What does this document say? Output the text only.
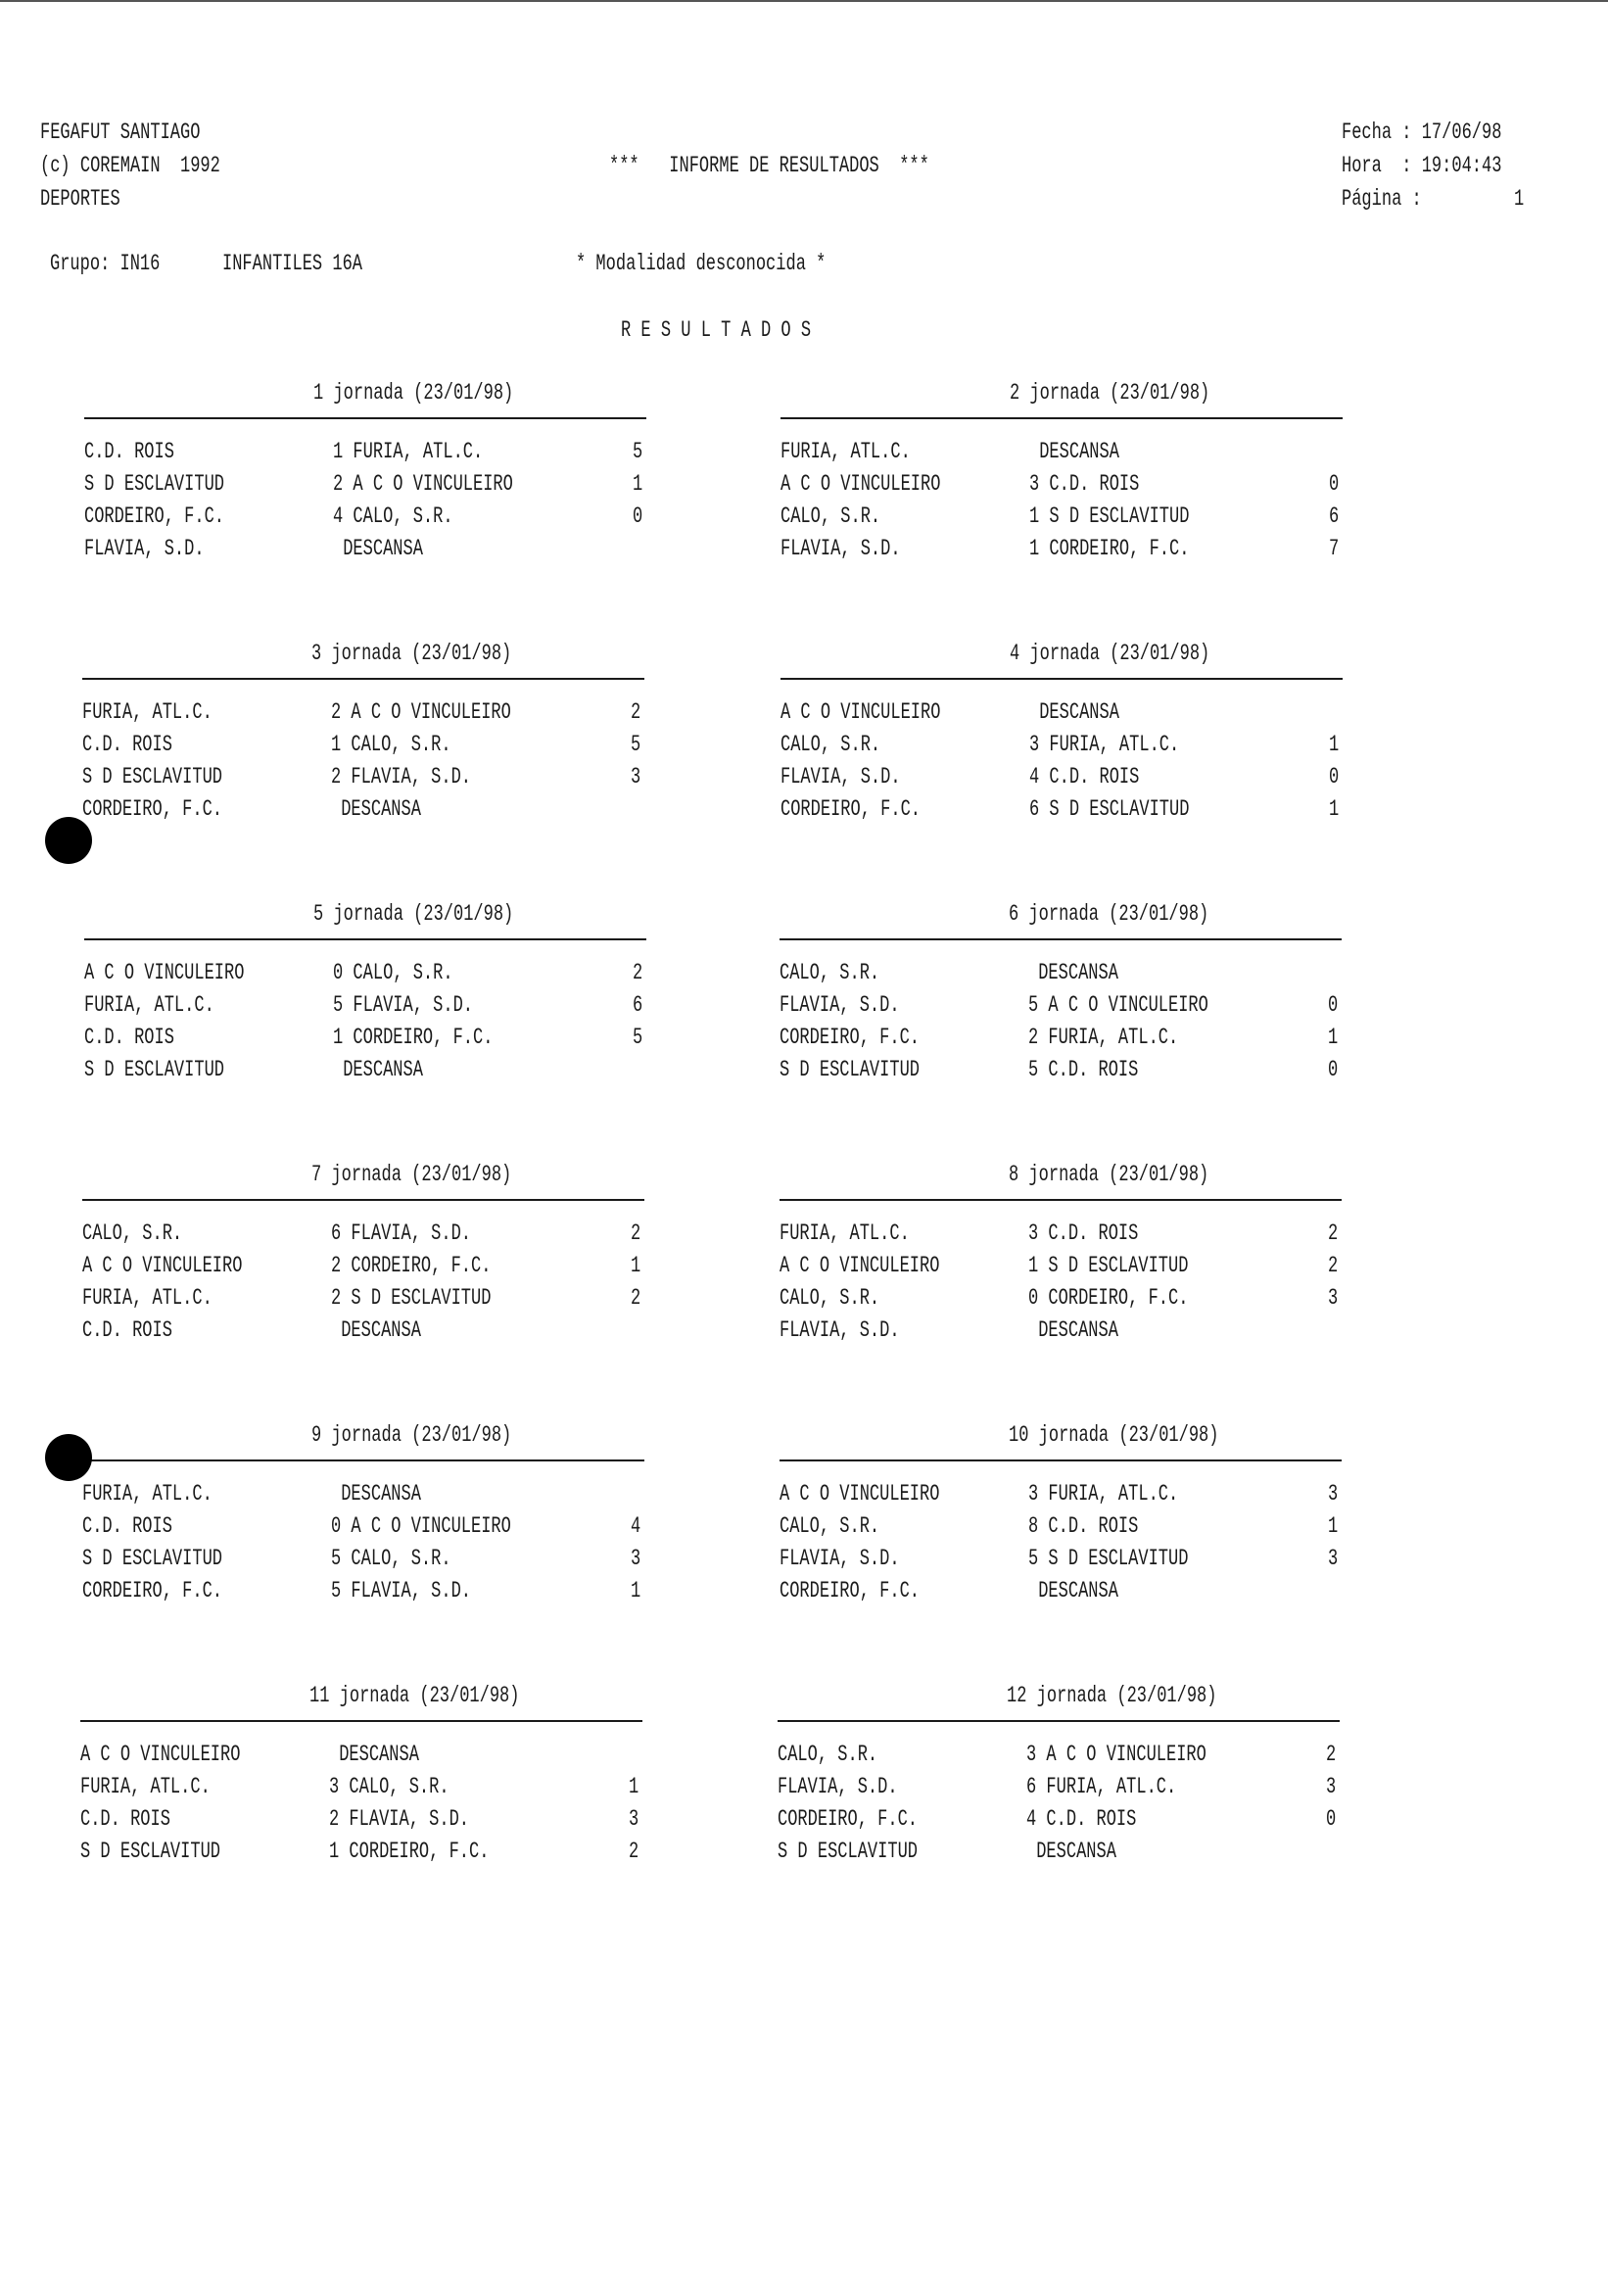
FEGAFUT SANTIAGO
(c) COREMAIN  1992
DEPORTES
***   INFORME DE RESULTADOS  ***
Fecha : 17/06/98
Hora  : 19:04:43
Página :	1
Grupo: IN16	INFANTILES 16A	* Modalidad desconocida *
R E S U L T A D O S
1 jornada (23/01/98)
C.D. ROIS	1 FURIA, ATL.C.	5
S D ESCLAVITUD	2 A C O VINCULEIRO	1
CORDEIRO, F.C.	4 CALO, S.R.	0
FLAVIA, S.D.	DESCANSA
2 jornada (23/01/98)
FURIA, ATL.C.	DESCANSA
A C O VINCULEIRO	3 C.D. ROIS	0
CALO, S.R.	1 S D ESCLAVITUD	6
FLAVIA, S.D.	1 CORDEIRO, F.C.	7
3 jornada (23/01/98)
FURIA, ATL.C.	2 A C O VINCULEIRO	2
C.D. ROIS	1 CALO, S.R.	5
S D ESCLAVITUD	2 FLAVIA, S.D.	3
CORDEIRO, F.C.	DESCANSA
4 jornada (23/01/98)
A C O VINCULEIRO	DESCANSA
CALO, S.R.	3 FURIA, ATL.C.	1
FLAVIA, S.D.	4 C.D. ROIS	0
CORDEIRO, F.C.	6 S D ESCLAVITUD	1
5 jornada (23/01/98)
A C O VINCULEIRO	0 CALO, S.R.	2
FURIA, ATL.C.	5 FLAVIA, S.D.	6
C.D. ROIS	1 CORDEIRO, F.C.	5
S D ESCLAVITUD	DESCANSA
6 jornada (23/01/98)
CALO, S.R.	DESCANSA
FLAVIA, S.D.	5 A C O VINCULEIRO	0
CORDEIRO, F.C.	2 FURIA, ATL.C.	1
S D ESCLAVITUD	5 C.D. ROIS	0
7 jornada (23/01/98)
CALO, S.R.	6 FLAVIA, S.D.	2
A C O VINCULEIRO	2 CORDEIRO, F.C.	1
FURIA, ATL.C.	2 S D ESCLAVITUD	2
C.D. ROIS	DESCANSA
8 jornada (23/01/98)
FURIA, ATL.C.	3 C.D. ROIS	2
A C O VINCULEIRO	1 S D ESCLAVITUD	2
CALO, S.R.	0 CORDEIRO, F.C.	3
FLAVIA, S.D.	DESCANSA
9 jornada (23/01/98)
FURIA, ATL.C.	DESCANSA
C.D. ROIS	0 A C O VINCULEIRO	4
S D ESCLAVITUD	5 CALO, S.R.	3
CORDEIRO, F.C.	5 FLAVIA, S.D.	1
10 jornada (23/01/98)
A C O VINCULEIRO	3 FURIA, ATL.C.	3
CALO, S.R.	8 C.D. ROIS	1
FLAVIA, S.D.	5 S D ESCLAVITUD	3
CORDEIRO, F.C.	DESCANSA
11 jornada (23/01/98)
A C O VINCULEIRO	DESCANSA
FURIA, ATL.C.	3 CALO, S.R.	1
C.D. ROIS	2 FLAVIA, S.D.	3
S D ESCLAVITUD	1 CORDEIRO, F.C.	2
12 jornada (23/01/98)
CALO, S.R.	3 A C O VINCULEIRO	2
FLAVIA, S.D.	6 FURIA, ATL.C.	3
CORDEIRO, F.C.	4 C.D. ROIS	0
S D ESCLAVITUD	DESCANSA
